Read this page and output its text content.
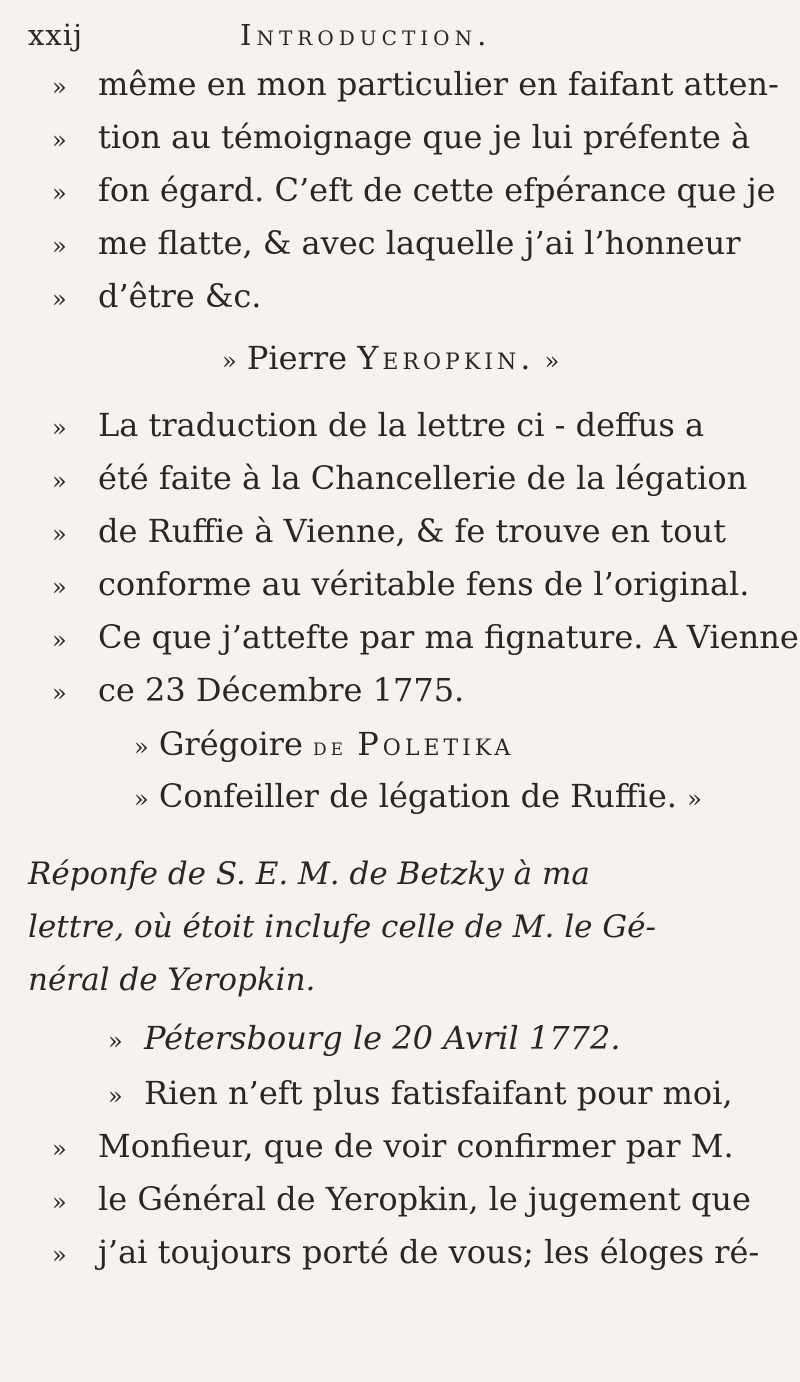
xxij	Introduction.
» même en mon particulier en faifant atten-
» tion au témoignage que je lui préfente à
» fon égard. C’eft de cette efpérance que je
» me flatte, & avec laquelle j’ai l’honneur
» d’être &c.
» Pierre Yeropkin. »
» La traduction de la lettre ci - deffus a
» été faite à la Chancellerie de la légation
» de Ruffie à Vienne, & fe trouve en tout
» conforme au véritable fens de l’original.
» Ce que j’attefte par ma fignature. A Vienne
» ce 23 Décembre 1775.
» Grégoire de Poletika
» Confeiller de légation de Ruffie. »
Réponfe de S. E. M. de Betzky à ma
lettre, où étoit inclufe celle de M. le Gé-
néral de Yeropkin.
» Pétersbourg le 20 Avril 1772.
» Rien n’eft plus fatisfaifant pour moi,
» Monfieur, que de voir confirmer par M.
» le Général de Yeropkin, le jugement que
» j’ai toujours porté de vous; les éloges ré-
